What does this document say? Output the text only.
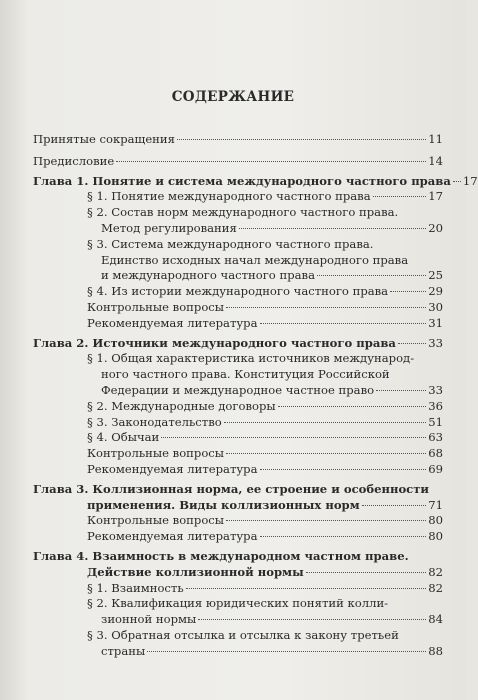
СОДЕРЖАНИЕ
Принятые сокращения	11
Предисловие	14
Глава 1. Понятие и система международного частного права 17
§ 1. Понятие международного частного права	17
§ 2. Состав норм международного частного права.
Метод регулирования	20
§ 3. Система международного частного права.
Единство исходных начал международного права
и международного частного права	25
§ 4. Из истории международного частного права	29
Контрольные вопросы	30
Рекомендуемая литература	31
Глава 2. Источники международного частного права	33
§ 1. Общая характеристика источников международ-
ного частного права. Конституция Российской
Федерации и международное частное право	33
§ 2. Международные договоры	36
§ 3. Законодательство	51
§ 4. Обычаи	63
Контрольные вопросы	68
Рекомендуемая литература	69
Глава 3. Коллизионная норма, ее строение и особенности
применения. Виды коллизионных норм	71
Контрольные вопросы	80
Рекомендуемая литература	80
Глава 4. Взаимность в международном частном праве.
Действие коллизионной нормы	82
§ 1. Взаимность	82
§ 2. Квалификация юридических понятий колли-
зионной нормы	84
§ 3. Обратная отсылка и отсылка к закону третьей
страны	88
